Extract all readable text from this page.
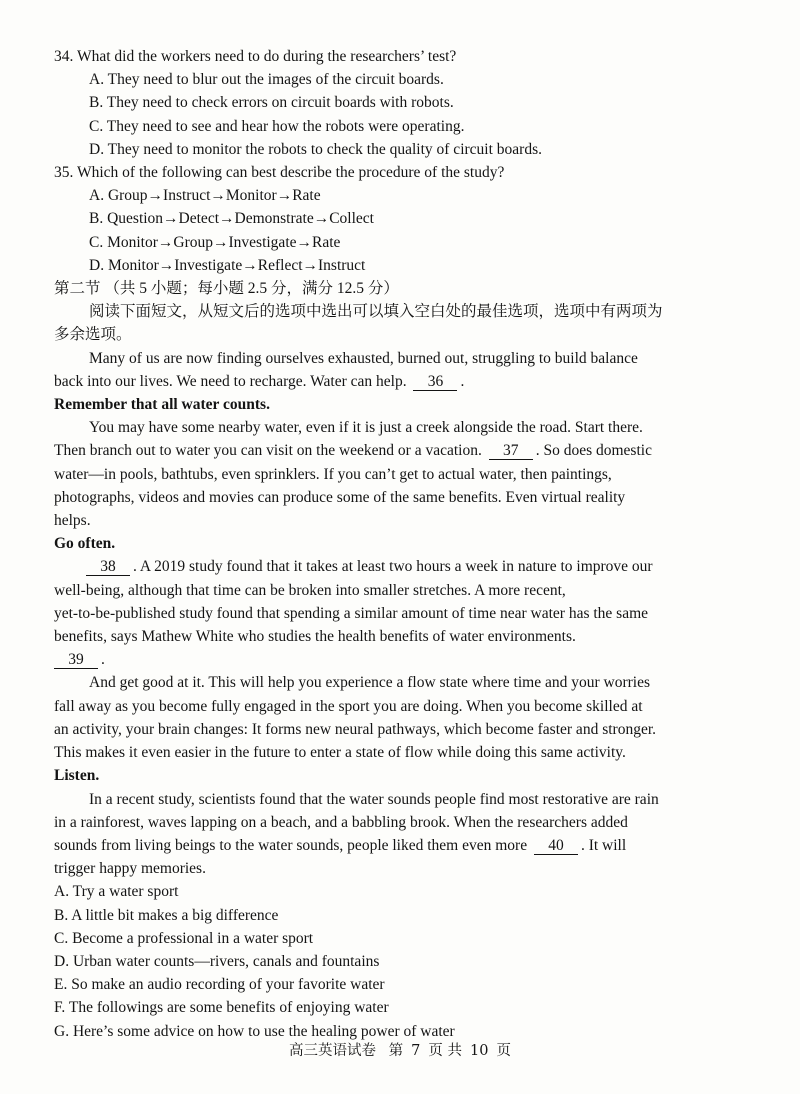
34. What did the workers need to do during the researchers’ test?
A. They need to blur out the images of the circuit boards.
B. They need to check errors on circuit boards with robots.
C. They need to see and hear how the robots were operating.
D. They need to monitor the robots to check the quality of circuit boards.
35. Which of the following can best describe the procedure of the study?
A. Group→Instruct→Monitor→Rate
B. Question→Detect→Demonstrate→Collect
C. Monitor→Group→Investigate→Rate
D. Monitor→Investigate→Reflect→Instruct
第二节 （共 5 小题；每小题 2.5 分，满分 12.5 分）
阅读下面短文，从短文后的选项中选出可以填入空白处的最佳选项，选项中有两项为
多余选项。
Many of us are now finding ourselves exhausted, burned out, struggling to build balance
back into our lives. We need to recharge. Water can help. 36 .
Remember that all water counts.
You may have some nearby water, even if it is just a creek alongside the road. Start there.
Then branch out to water you can visit on the weekend or a vacation. 37 . So does domestic
water—in pools, bathtubs, even sprinklers. If you can’t get to actual water, then paintings,
photographs, videos and movies can produce some of the same benefits. Even virtual reality
helps.
Go often.
38 . A 2019 study found that it takes at least two hours a week in nature to improve our
well-being, although that time can be broken into smaller stretches. A more recent,
yet-to-be-published study found that spending a similar amount of time near water has the same
benefits, says Mathew White who studies the health benefits of water environments.
39 .
And get good at it. This will help you experience a flow state where time and your worries
fall away as you become fully engaged in the sport you are doing. When you become skilled at
an activity, your brain changes: It forms new neural pathways, which become faster and stronger.
This makes it even easier in the future to enter a state of flow while doing this same activity.
Listen.
In a recent study, scientists found that the water sounds people find most restorative are rain
in a rainforest, waves lapping on a beach, and a babbling brook. When the researchers added
sounds from living beings to the water sounds, people liked them even more 40 . It will
trigger happy memories.
A. Try a water sport
B. A little bit makes a big difference
C. Become a professional in a water sport
D. Urban water counts—rivers, canals and fountains
E. So make an audio recording of your favorite water
F. The followings are some benefits of enjoying water
G. Here’s some advice on how to use the healing power of water
高三英语试卷 第 7 页 共 10 页
